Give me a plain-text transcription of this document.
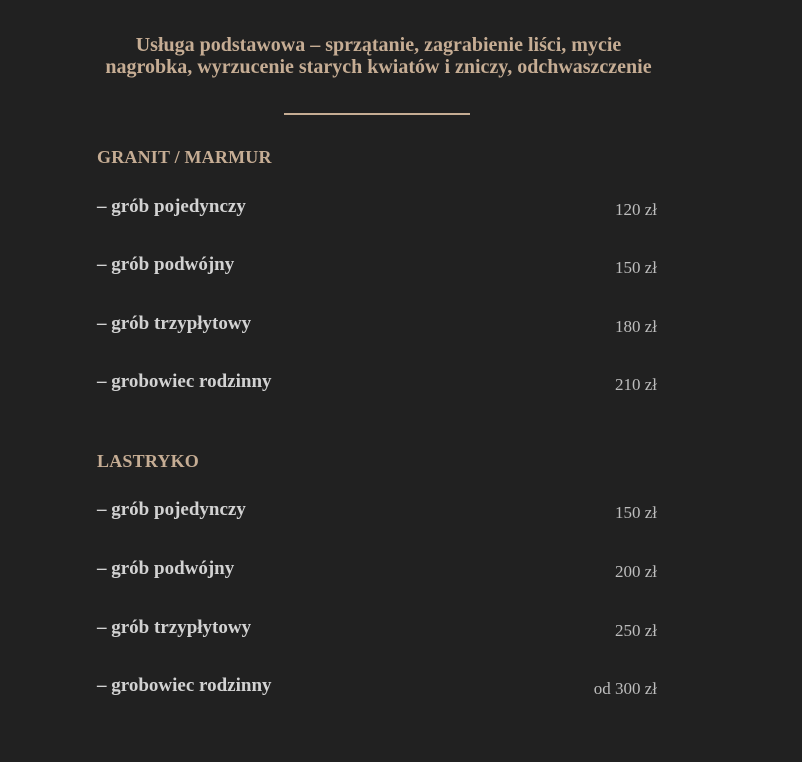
Usługa podstawowa – sprzątanie, zagrabienie liści, mycie nagrobka, wyrzucenie starych kwiatów i zniczy, odchwaszczenie
GRANIT / MARMUR
– grób pojedynczy	120 zł
– grób podwójny	150 zł
– grób trzypłytowy	180 zł
– grobowiec rodzinny	210 zł
LASTRYKO
– grób pojedynczy	150 zł
– grób podwójny	200 zł
– grób trzypłytowy	250 zł
– grobowiec rodzinny	od 300 zł
